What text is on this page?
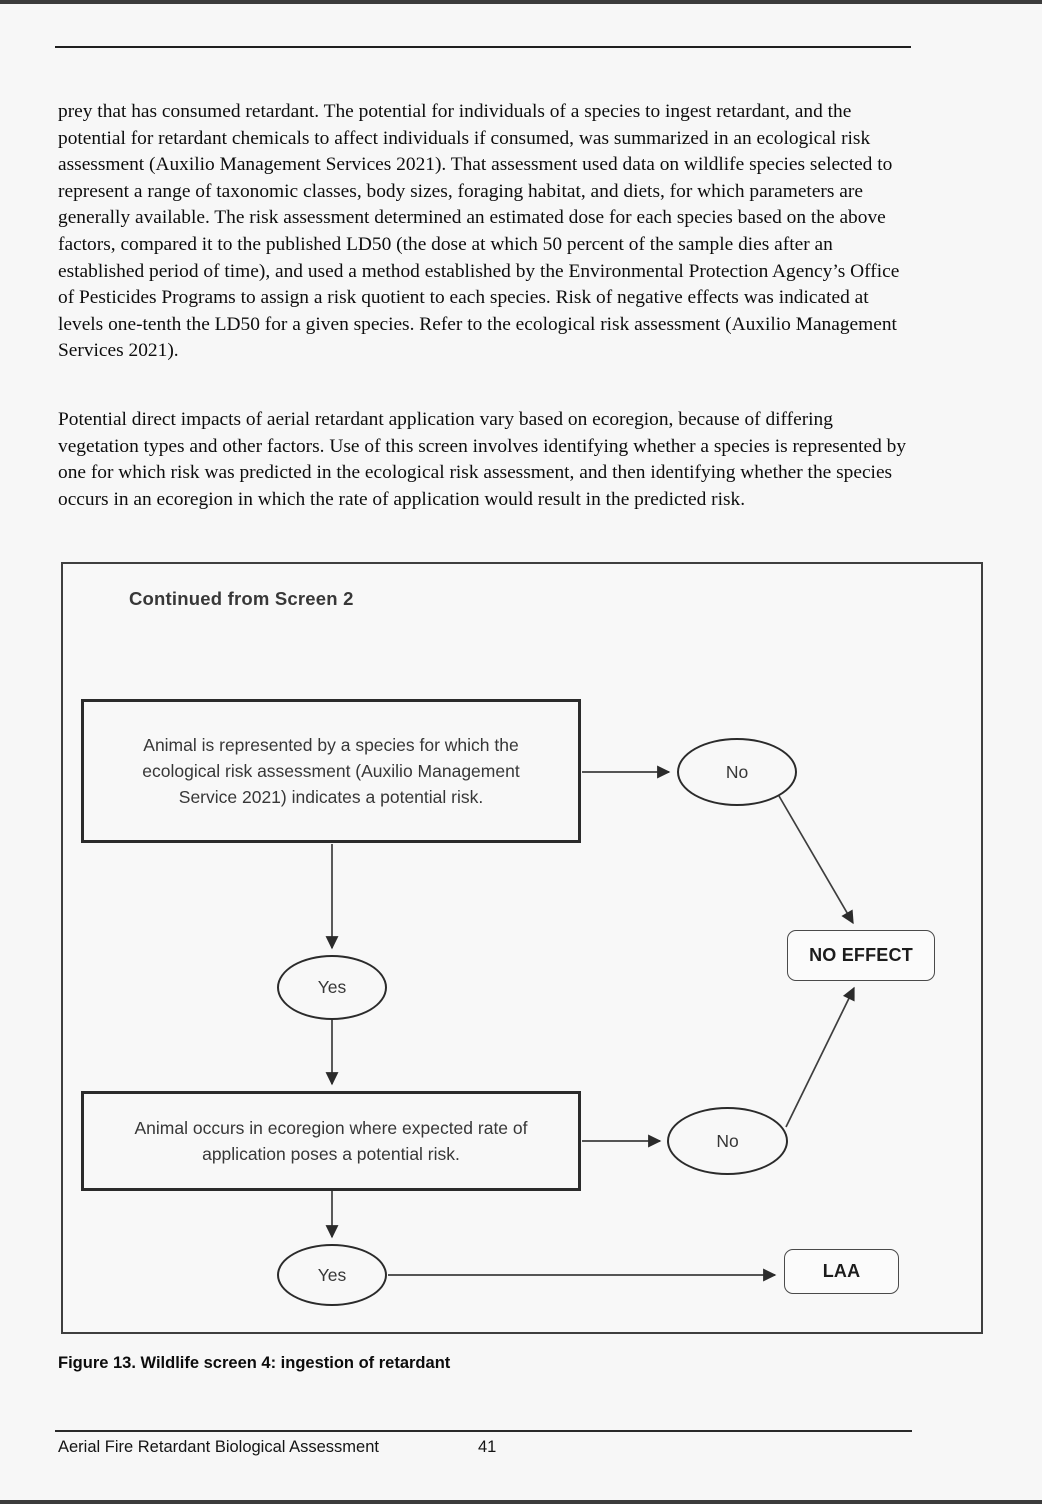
prey that has consumed retardant. The potential for individuals of a species to ingest retardant, and the potential for retardant chemicals to affect individuals if consumed, was summarized in an ecological risk assessment (Auxilio Management Services 2021). That assessment used data on wildlife species selected to represent a range of taxonomic classes, body sizes, foraging habitat, and diets, for which parameters are generally available. The risk assessment determined an estimated dose for each species based on the above factors, compared it to the published LD50 (the dose at which 50 percent of the sample dies after an established period of time), and used a method established by the Environmental Protection Agency’s Office of Pesticides Programs to assign a risk quotient to each species. Risk of negative effects was indicated at levels one-tenth the LD50 for a given species. Refer to the ecological risk assessment (Auxilio Management Services 2021).
Potential direct impacts of aerial retardant application vary based on ecoregion, because of differing vegetation types and other factors. Use of this screen involves identifying whether a species is represented by one for which risk was predicted in the ecological risk assessment, and then identifying whether the species occurs in an ecoregion in which the rate of application would result in the predicted risk.
Continued from Screen 2
Animal is represented by a species for which the ecological risk assessment (Auxilio Management Service 2021) indicates a potential risk.
No
NO EFFECT
Yes
Animal occurs in ecoregion where expected rate of application poses a potential risk.
No
Yes	LAA
Figure 13. Wildlife screen 4: ingestion of retardant
Aerial Fire Retardant Biological Assessment	41
